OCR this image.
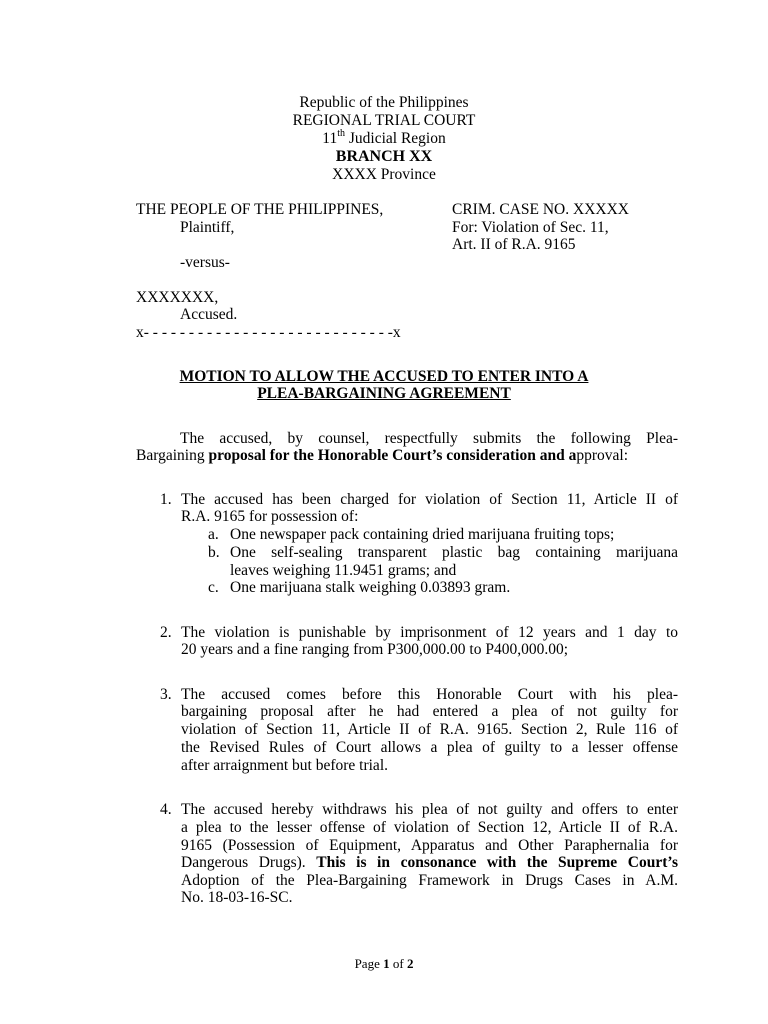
Republic of the Philippines
REGIONAL TRIAL COURT
11th Judicial Region
BRANCH XX
XXXX Province
THE PEOPLE OF THE PHILIPPINES,
Plaintiff,
-versus-
XXXXXXX,
Accused.
x- - - - - - - - - - - - - - - - - - - - - - - - - - - -x
CRIM. CASE NO. XXXXX
For: Violation of Sec. 11,
Art. II of R.A. 9165
MOTION TO ALLOW THE ACCUSED TO ENTER INTO A
PLEA-BARGAINING AGREEMENT
The accused, by counsel, respectfully submits the following Plea-
Bargaining proposal for the Honorable Court’s consideration and approval:
1. The accused has been charged for violation of Section 11, Article II of
R.A. 9165 for possession of:
a. One newspaper pack containing dried marijuana fruiting tops;
b. One self-sealing transparent plastic bag containing marijuana
leaves weighing 11.9451 grams; and
c. One marijuana stalk weighing 0.03893 gram.
2. The violation is punishable by imprisonment of 12 years and 1 day to
20 years and a fine ranging from P300,000.00 to P400,000.00;
3. The accused comes before this Honorable Court with his plea-
bargaining proposal after he had entered a plea of not guilty for
violation of Section 11, Article II of R.A. 9165. Section 2, Rule 116 of
the Revised Rules of Court allows a plea of guilty to a lesser offense
after arraignment but before trial.
4. The accused hereby withdraws his plea of not guilty and offers to enter
a plea to the lesser offense of violation of Section 12, Article II of R.A.
9165 (Possession of Equipment, Apparatus and Other Paraphernalia for
Dangerous Drugs). This is in consonance with the Supreme Court’s
Adoption of the Plea-Bargaining Framework in Drugs Cases in A.M.
No. 18-03-16-SC.
Page 1 of 2
